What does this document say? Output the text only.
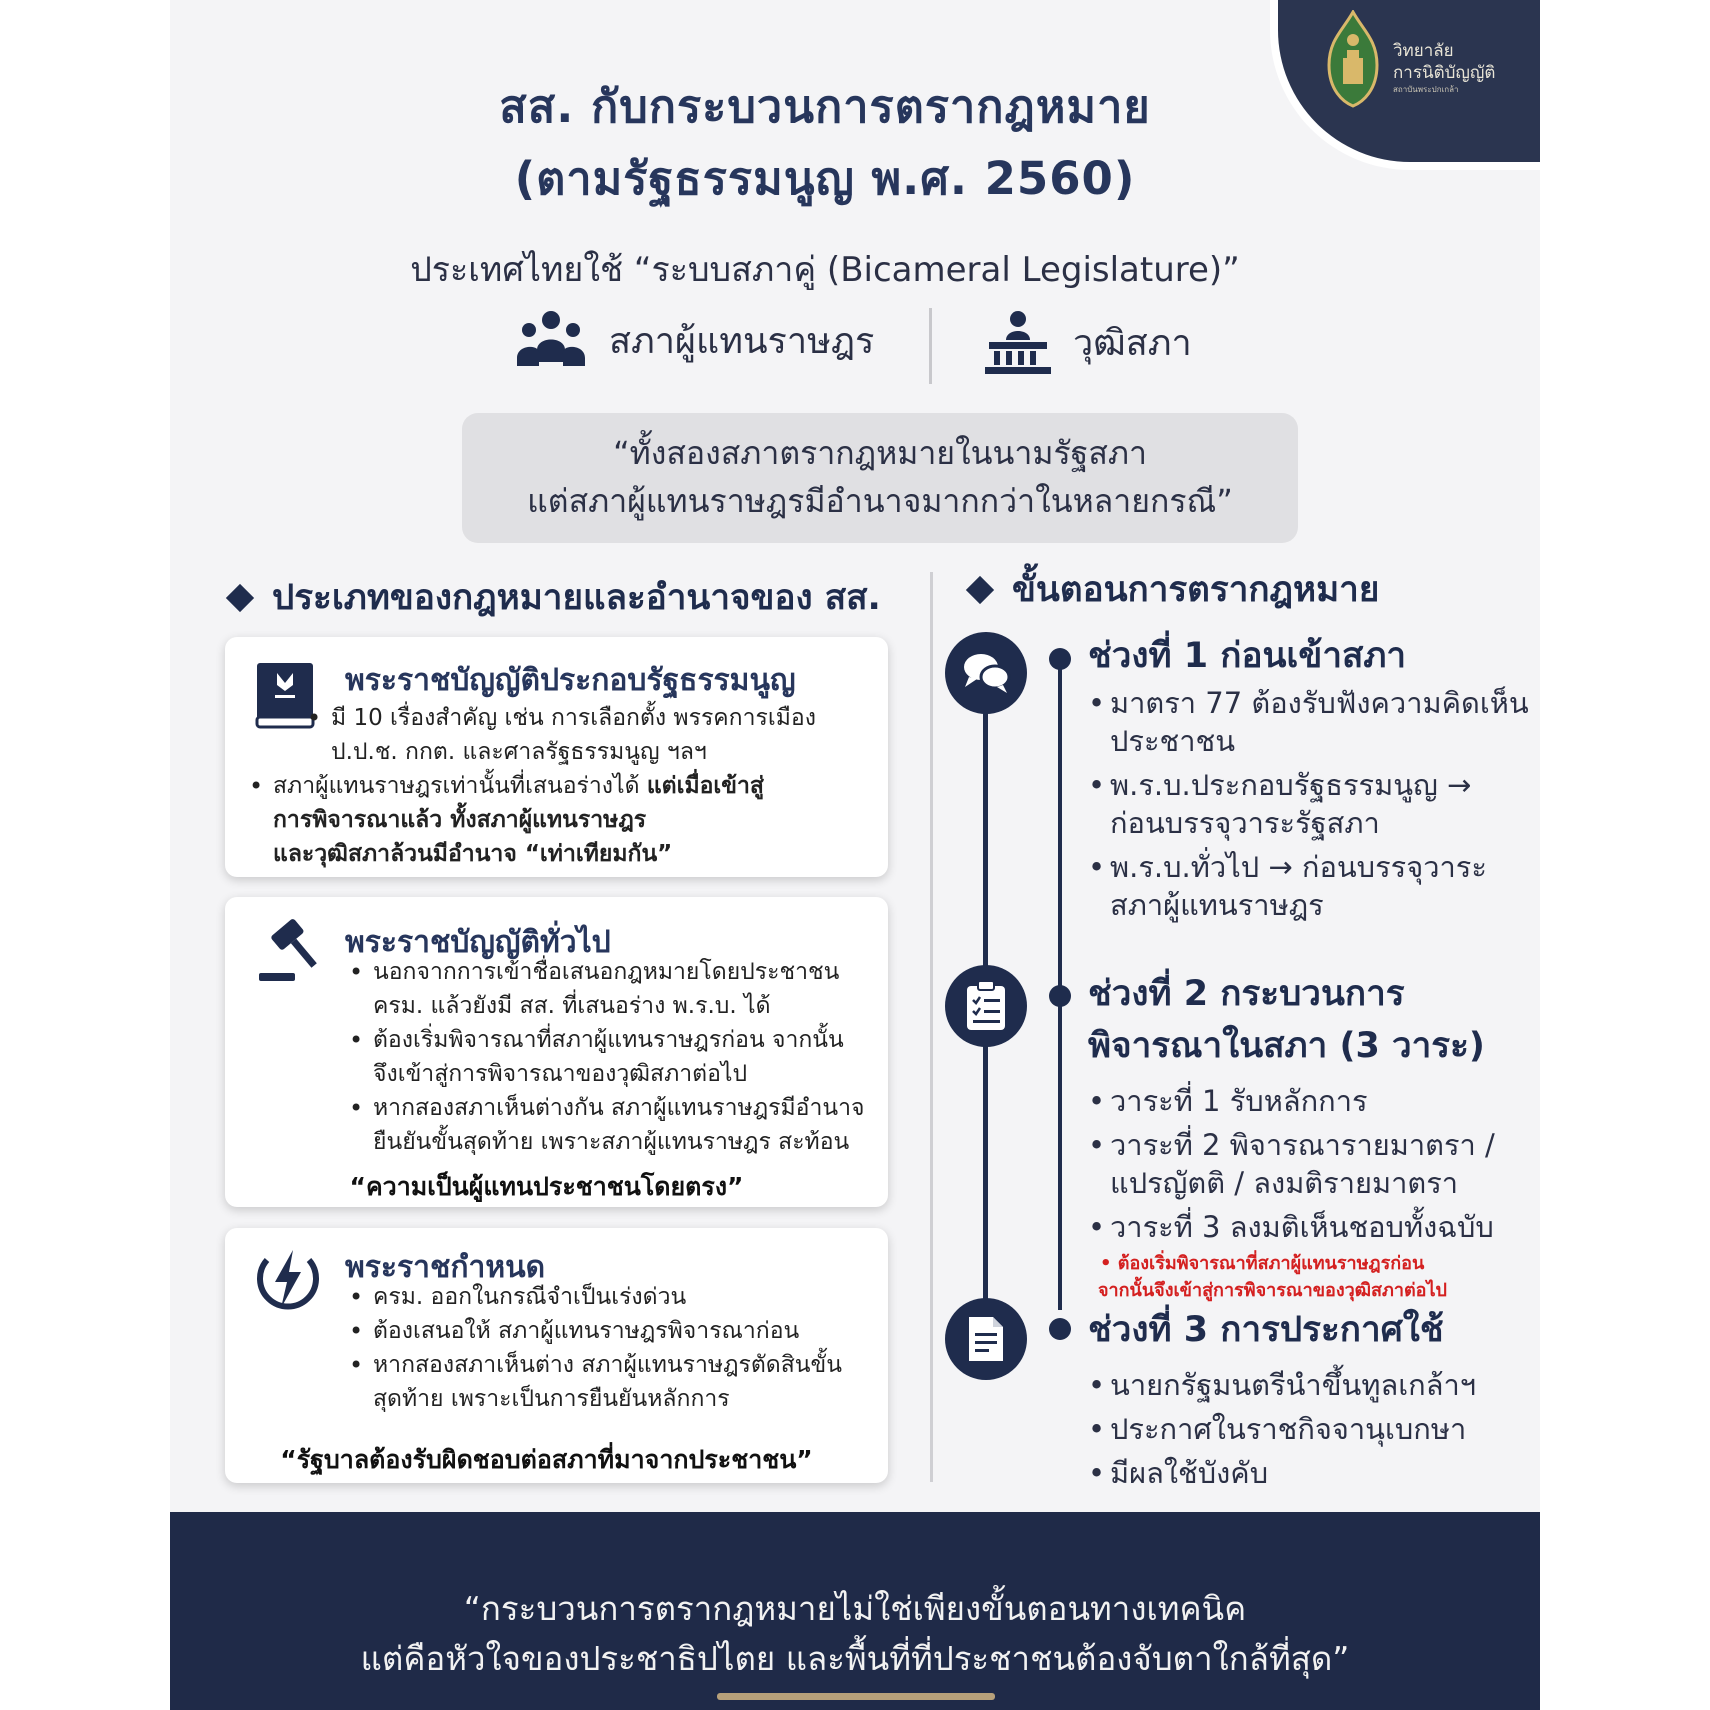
วิทยาลัย
การนิติบัญญัติ
สถาบันพระปกเกล้า
สส. กับกระบวนการตรากฎหมาย
(ตามรัฐธรรมนูญ พ.ศ. 2560)
ประเทศไทยใช้ “ระบบสภาคู่ (Bicameral Legislature)”
สภาผู้แทนราษฎร	วุฒิสภา
“ทั้งสองสภาตรากฎหมายในนามรัฐสภา
แต่สภาผู้แทนราษฎรมีอำนาจมากกว่าในหลายกรณี”
ประเภทของกฎหมายและอำนาจของ สส.	ขั้นตอนการตรากฎหมาย
พระราชบัญญัติประกอบรัฐธรรมนูญ
• มี 10 เรื่องสำคัญ เช่น การเลือกตั้ง พรรคการเมือง
ป.ป.ช. กกต. และศาลรัฐธรรมนูญ ฯลฯ
• สภาผู้แทนราษฎรเท่านั้นที่เสนอร่างได้ แต่เมื่อเข้าสู่
การพิจารณาแล้ว ทั้งสภาผู้แทนราษฎร
และวุฒิสภาล้วนมีอำนาจ “เท่าเทียมกัน”
พระราชบัญญัติทั่วไป
• นอกจากการเข้าชื่อเสนอกฎหมายโดยประชาชน
ครม. แล้วยังมี สส. ที่เสนอร่าง พ.ร.บ. ได้
• ต้องเริ่มพิจารณาที่สภาผู้แทนราษฎรก่อน จากนั้น
จึงเข้าสู่การพิจารณาของวุฒิสภาต่อไป
• หากสองสภาเห็นต่างกัน สภาผู้แทนราษฎรมีอำนาจ
ยืนยันขั้นสุดท้าย เพราะสภาผู้แทนราษฎร สะท้อน
“ความเป็นผู้แทนประชาชนโดยตรง”
พระราชกำหนด
• ครม. ออกในกรณีจำเป็นเร่งด่วน
• ต้องเสนอให้ สภาผู้แทนราษฎรพิจารณาก่อน
• หากสองสภาเห็นต่าง สภาผู้แทนราษฎรตัดสินขั้น
สุดท้าย เพราะเป็นการยืนยันหลักการ
“รัฐบาลต้องรับผิดชอบต่อสภาที่มาจากประชาชน”
ช่วงที่ 1 ก่อนเข้าสภา
• มาตรา 77 ต้องรับฟังความคิดเห็น
ประชาชน
• พ.ร.บ.ประกอบรัฐธรรมนูญ →
ก่อนบรรจุวาระรัฐสภา
• พ.ร.บ.ทั่วไป → ก่อนบรรจุวาระ
สภาผู้แทนราษฎร
ช่วงที่ 2 กระบวนการ
พิจารณาในสภา (3 วาระ)
• วาระที่ 1 รับหลักการ
• วาระที่ 2 พิจารณารายมาตรา /
แปรญัตติ / ลงมติรายมาตรา
• วาระที่ 3 ลงมติเห็นชอบทั้งฉบับ
• ต้องเริ่มพิจารณาที่สภาผู้แทนราษฎรก่อน
จากนั้นจึงเข้าสู่การพิจารณาของวุฒิสภาต่อไป
ช่วงที่ 3 การประกาศใช้
• นายกรัฐมนตรีนำขึ้นทูลเกล้าฯ
• ประกาศในราชกิจจานุเบกษา
• มีผลใช้บังคับ
“กระบวนการตรากฎหมายไม่ใช่เพียงขั้นตอนทางเทคนิค
แต่คือหัวใจของประชาธิปไตย และพื้นที่ที่ประชาชนต้องจับตาใกล้ที่สุด”
